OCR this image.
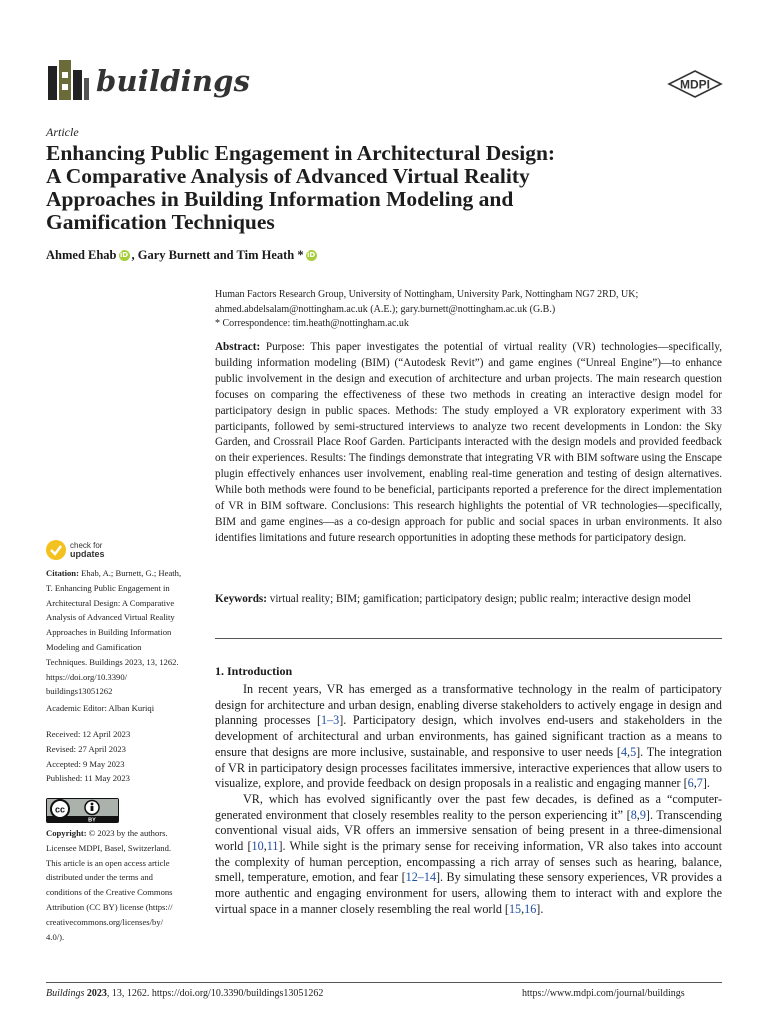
buildings	MDPI
Article
Enhancing Public Engagement in Architectural Design:
A Comparative Analysis of Advanced Virtual Reality
Approaches in Building Information Modeling and
Gamification Techniques
Ahmed Ehab iD , Gary Burnett and Tim Heath * iD
Human Factors Research Group, University of Nottingham, University Park, Nottingham NG7 2RD, UK;
ahmed.abdelsalam@nottingham.ac.uk (A.E.); gary.burnett@nottingham.ac.uk (G.B.)
* Correspondence: tim.heath@nottingham.ac.uk
Abstract: Purpose: This paper investigates the potential of virtual reality (VR) technologies—specifically, building information modeling (BIM) (“Autodesk Revit”) and game engines (“Unreal Engine”)—to enhance public involvement in the design and execution of architecture and urban projects. The main research question focuses on comparing the effectiveness of these two methods in creating an interactive design model for participatory design in public spaces. Methods: The study employed a VR exploratory experiment with 33 participants, followed by semi-structured interviews to analyze two recent developments in London: the Sky Garden, and Crossrail Place Roof Garden. Participants interacted with the design models and provided feedback on their experiences. Results: The findings demonstrate that integrating VR with BIM software using the Enscape plugin effectively enhances user involvement, enabling real-time generation and testing of design alternatives. While both methods were found to be beneficial, participants reported a preference for the direct implementation of VR in BIM software. Conclusions: This research highlights the potential of VR technologies—specifically, BIM and game engines—as a co-design approach for public and social spaces in urban environments. It also identifies limitations and future research opportunities in adopting these methods for participatory design.
Keywords: virtual reality; BIM; gamification; participatory design; public realm; interactive design model
check for
updates
Citation: Ehab, A.; Burnett, G.; Heath,
T. Enhancing Public Engagement in
Architectural Design: A Comparative
Analysis of Advanced Virtual Reality
Approaches in Building Information
Modeling and Gamification
Techniques. Buildings 2023, 13, 1262.
https://doi.org/10.3390/
buildings13051262
Academic Editor: Alban Kuriqi
Received: 12 April 2023
Revised: 27 April 2023
Accepted: 9 May 2023
Published: 11 May 2023
cc
BY
Copyright: © 2023 by the authors.
Licensee MDPI, Basel, Switzerland.
This article is an open access article
distributed under the terms and
conditions of the Creative Commons
Attribution (CC BY) license (https://
creativecommons.org/licenses/by/
4.0/).
1. Introduction

In recent years, VR has emerged as a transformative technology in the realm of participatory design for architecture and urban design, enabling diverse stakeholders to actively engage in design and planning processes [1–3]. Participatory design, which involves end-users and stakeholders in the development of architectural and urban environments, has gained significant traction as a means to ensure that designs are more inclusive, sustainable, and responsive to user needs [4,5]. The integration of VR in participatory design processes facilitates immersive, interactive experiences that allow users to visualize, explore, and provide feedback on design proposals in a realistic and engaging manner [6,7].

VR, which has evolved significantly over the past few decades, is defined as a “computer-generated environment that closely resembles reality to the person experiencing it” [8,9]. Transcending conventional visual aids, VR offers an immersive sensation of being present in a three-dimensional world [10,11]. While sight is the primary sense for receiving information, VR also takes into account the complexity of human perception, encompassing a rich array of senses such as hearing, balance, smell, temperature, emotion, and fear [12–14]. By simulating these sensory experiences, VR provides a more authentic and engaging environment for users, allowing them to interact with and explore the virtual space in a manner closely resembling the real world [15,16].

Buildings 2023, 13, 1262. https://doi.org/10.3390/buildings13051262	https://www.mdpi.com/journal/buildings
